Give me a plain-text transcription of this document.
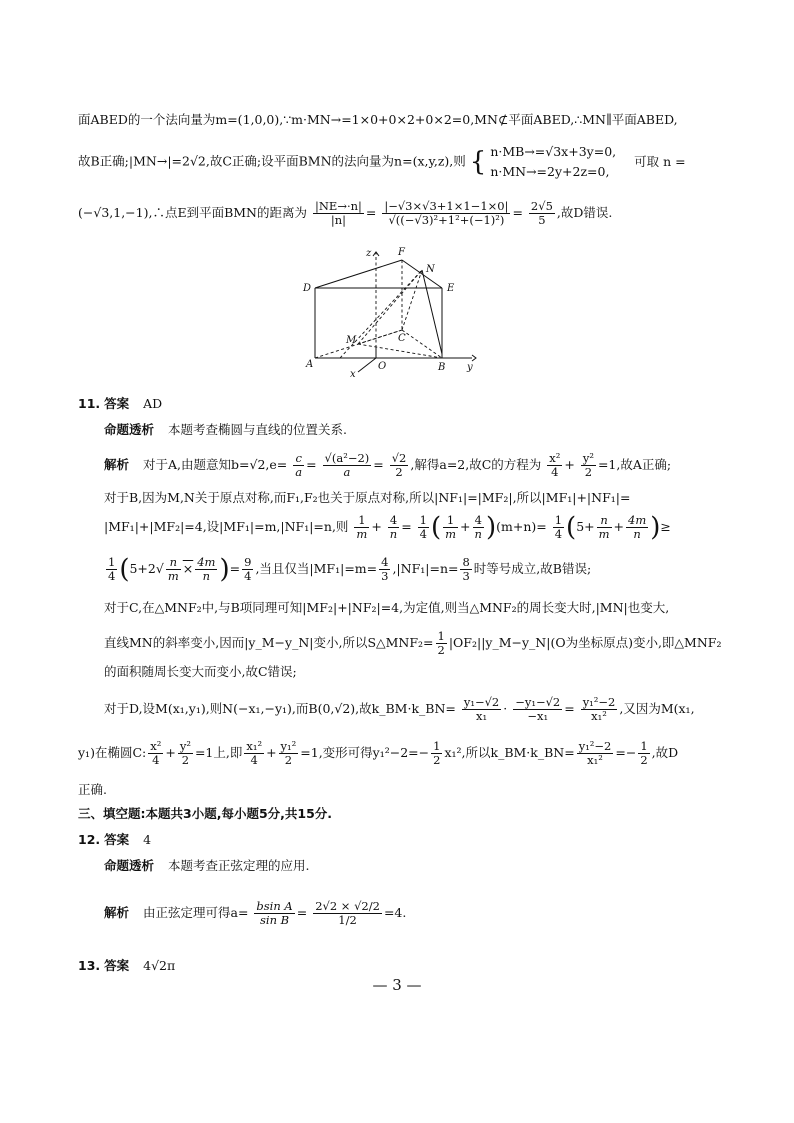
面ABED的一个法向量为m=(1,0,0),∵m·MN→=1×0+0×2+0×2=0,MN⊄平面ABED,∴MN∥平面ABED,
故B正确;|MN→|=2√2,故C正确;设平面BMN的法向量为n=(x,y,z),则 { n·MB→=√3x+3y=0,
n·MN→=2y+2z=0,
可取 n =
(−√3,1,−1),∴点E到平面BMN的距离为 $\frac{|NE\to\cdot n|}{|n|} = \frac{|-√3\times√3+1\times 1-1\times 0|}{\text{√((−√3)²+1²+(−1)²)}} = \frac{2√5}{5}$ ,故D错误.
z	F
N
D	E
M	C
A	O	B y
x
11. 答案 AD
命题透析 本题考查椭圆与直线的位置关系.
解析 对于A,由题意知$b=√2,e= \frac{c}{a} = \frac{\text{√(a²−2)}}{a} = \frac{√2}{2}$ ,解得a=2,故C的方程为 $\frac{\text{x²}}{4} + \frac{\text{y²}}{2} =1$,故A正确;
对于B,因为M,N关于原点对称,而F₁,F₂也关于原点对称,所以|NF₁|=|MF₂|,所以|MF₁|+|NF₁|=
|MF₁|+|MF₂|=4,设|MF₁|=m,|NF₁|=n,则 $\frac{1}{m} + \frac{4}{n} = \frac{1}{4}$ ( $\frac{1}{m} + \frac{4}{n} )(m+n)= \frac{1}{4} (5+ \frac{n}{m} + \frac{4m}{n}$ )≥
$\frac{1}{4} (5+2√ \frac{n}{m} \times \frac{4m}{n}$ )= $\frac{9}{4}$ ,当且仅当$|MF_1|=m= \frac{4}{3} ,|NF_1|=n= \frac{8}{3}$ 时等号成立,故B错误;
对于C,在△MNF₂中,与B项同理可知|MF₂|+|NF₂|=4,为定值,则当△MNF₂的周长变大时,|MN|也变大,
直线MN的斜率变小,因而|y_M−y_N|变小,所以S△MNF₂= $\frac{1}{2}$ |OF₂||y_M−y_N|(O为坐标原点)变小,即△MNF₂
的面积随周长变大而变小,故C错误;
对于D,设M(x₁,y₁),则N(−x₁,−y₁),而B(0,√2),故k_BM·k_BN= $\frac{\text{y₁−√2}}{\text{x₁}} \cdot \frac{\text{−y₁−√2}}{\text{−x₁}} = \frac{\text{y₁²−2}}{\text{x₁²}}$ ,又因为M(x₁,
y₁)在椭圆C: $\frac{\text{x²}}{4} + \frac{\text{y²}}{2} =1$上,即 $\frac{\text{x₁²}}{4} + \frac{\text{y₁²}}{2} =1$,变形可得$y_1^2-2=- \frac{1}{2} x_1^2$,所以k_BM·k_BN= $\frac{\text{y₁²−2}}{\text{x₁²}} =- \frac{1}{2}$ ,故D
正确.
三、填空题:本题共3小题,每小题5分,共15分.
12. 答案 4
命题透析 本题考查正弦定理的应用.
解析 由正弦定理可得$a= \frac{\text{bsin A}}{\text{sin B}} = \frac{2√2 \times √2/2}{1/2} =4$.
13. 答案 4√2π
— 3 —
